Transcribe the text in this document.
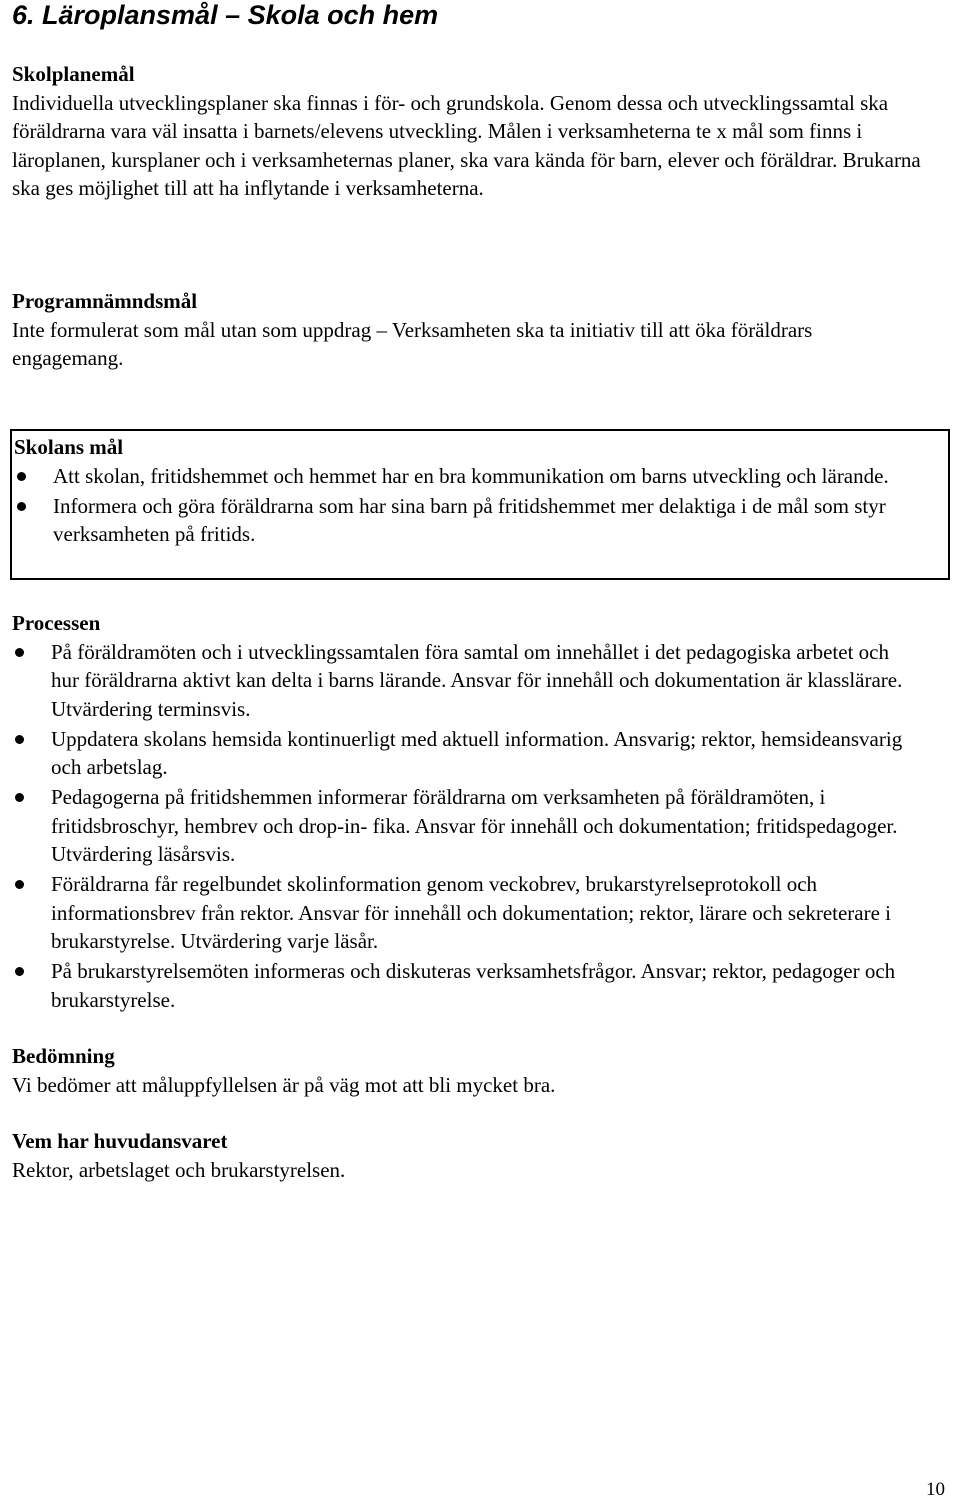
6. Läroplansmål – Skola och hem
Skolplanemål

Individuella utvecklingsplaner ska finnas i för- och grundskola. Genom dessa och utvecklingssamtal ska föräldrarna vara väl insatta i barnets/elevens utveckling. Målen i verksamheterna te x mål som finns i läroplanen, kursplaner och i verksamheternas planer, ska vara kända för barn, elever och föräldrar. Brukarna ska ges möjlighet till att ha inflytande i verksamheterna.

Programnämndsmål

Inte formulerat som mål utan som uppdrag – Verksamheten ska ta initiativ till att öka föräldrars engagemang.

Skolans mål
Att skolan, fritidshemmet och hemmet har en bra kommunikation om barns utveckling och lärande.
Informera och göra föräldrarna som har sina barn på fritidshemmet mer delaktiga i de mål som styr verksamheten på fritids.
Processen
På föräldramöten och i utvecklingssamtalen föra samtal om innehållet i det pedagogiska arbetet och hur föräldrarna aktivt kan delta i barns lärande. Ansvar för innehåll och dokumentation är klasslärare. Utvärdering terminsvis.
Uppdatera skolans hemsida kontinuerligt med aktuell information. Ansvarig; rektor, hemsideansvarig och arbetslag.
Pedagogerna på fritidshemmen informerar föräldrarna om verksamheten på föräldramöten, i fritidsbroschyr, hembrev och drop-in- fika. Ansvar för innehåll och dokumentation; fritidspedagoger. Utvärdering läsårsvis.
Föräldrarna får regelbundet skolinformation genom veckobrev, brukarstyrelseprotokoll och informationsbrev från rektor. Ansvar för innehåll och dokumentation; rektor, lärare och sekreterare i brukarstyrelse. Utvärdering varje läsår.
På brukarstyrelsemöten informeras och diskuteras verksamhetsfrågor. Ansvar; rektor, pedagoger och brukarstyrelse.
Bedömning

Vi bedömer att måluppfyllelsen är på väg mot att bli mycket bra.

Vem har huvudansvaret

Rektor, arbetslaget och brukarstyrelsen.

10
